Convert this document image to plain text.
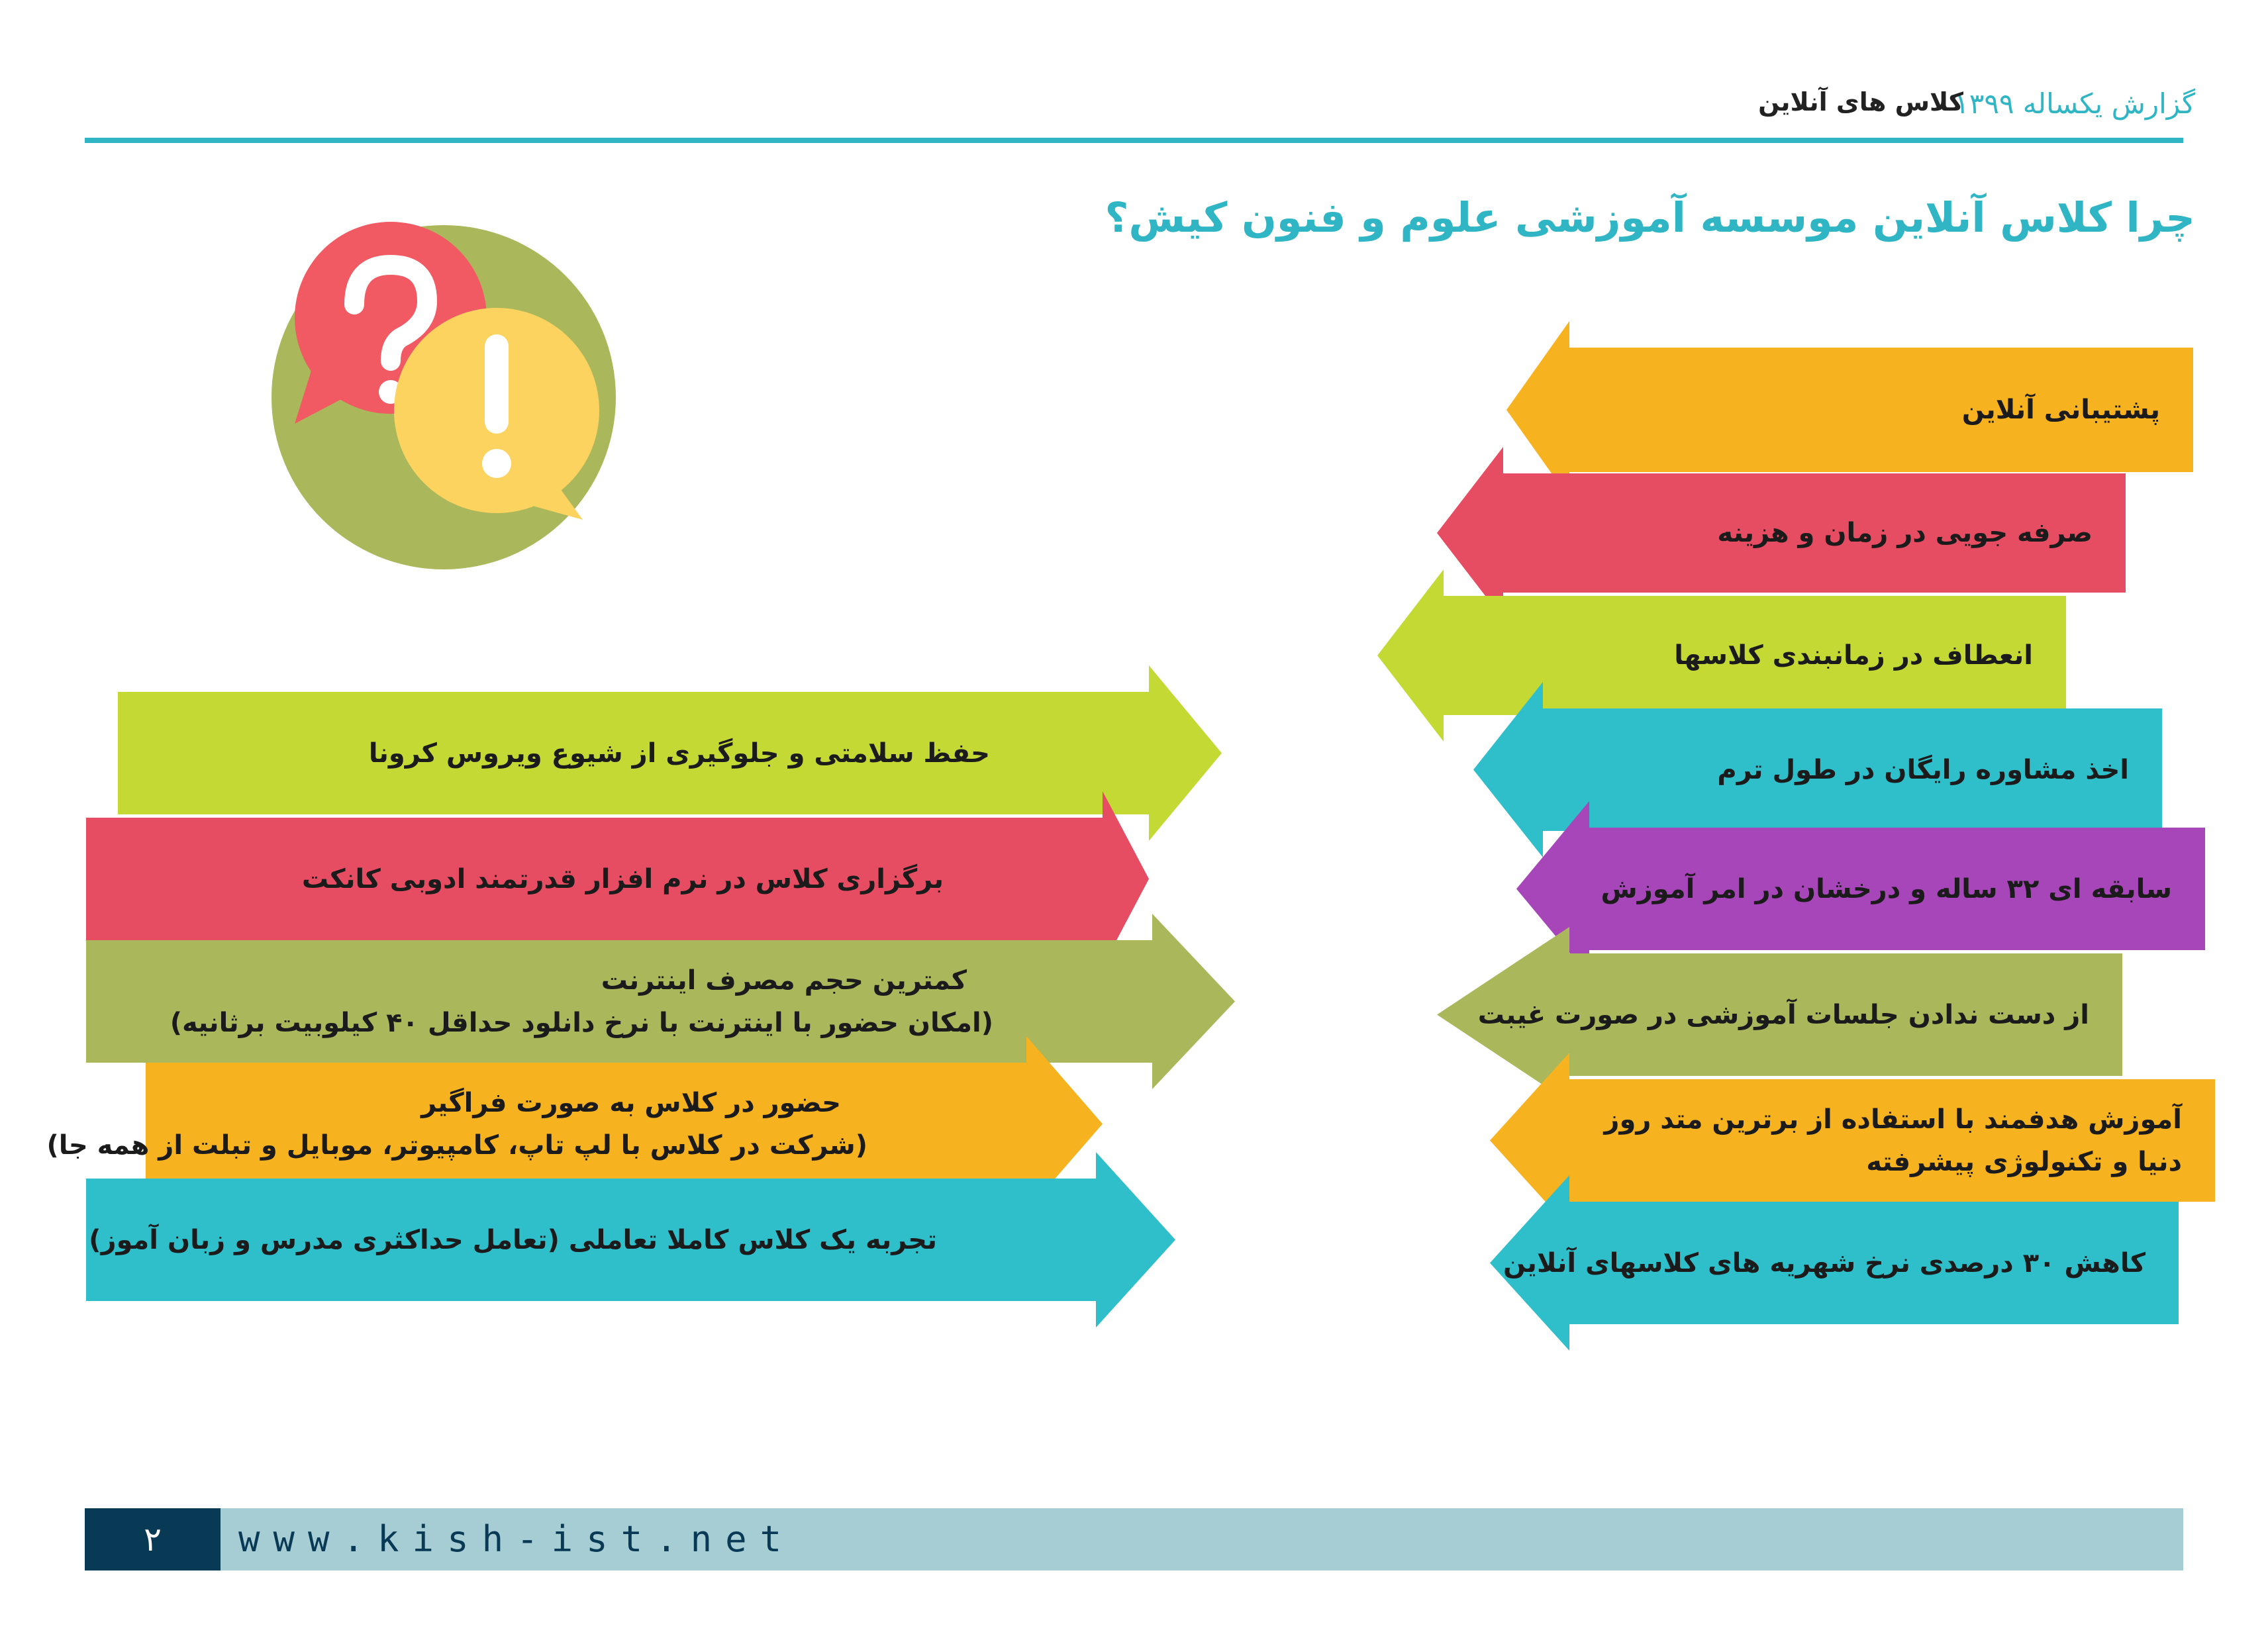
گزارش یکساله ۱۳۹۹
کلاس های آنلاین
چرا کلاس آنلاین موسسه آموزشی علوم و فنون کیش؟
پشتیبانی آنلاین
صرفه جویی در زمان و هزینه
انعطاف در زمانبندی کلاسها
اخذ مشاوره رایگان در طول ترم
سابقه ای ۳۲ ساله و درخشان در امر آموزش
از دست ندادن جلسات آموزشی در صورت غیبت
آموزش هدفمند با استفاده از برترین متد روز
دنیا و تکنولوژی پیشرفته
کاهش ۳۰ درصدی نرخ شهریه های کلاسهای آنلاین
حفظ سلامتی و جلوگیری از شیوع ویروس کرونا
برگزاری کلاس در نرم افزار قدرتمند ادوبی کانکت
کمترین حجم مصرف اینترنت
(امکان حضور با اینترنت با نرخ دانلود حداقل ۴۰ کیلوبیت برثانیه)
حضور در کلاس به صورت فراگیر
(شرکت در کلاس با لپ تاپ، کامپیوتر، موبایل و تبلت از همه جا)
تجربه یک کلاس کاملا تعاملی (تعامل حداکثری مدرس و زبان آموز)
۲	www.kish-ist.net
